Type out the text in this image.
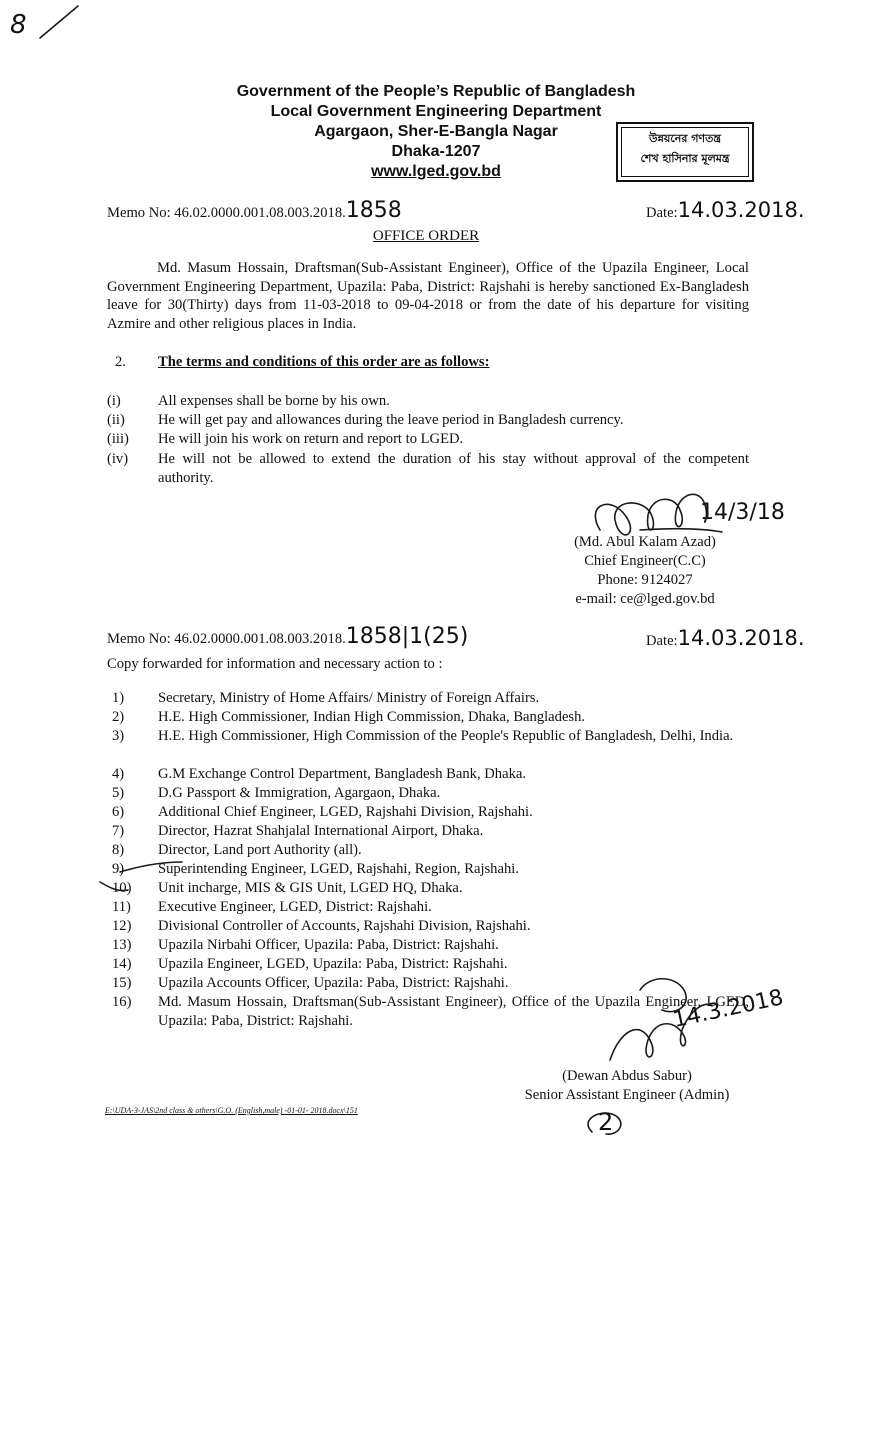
Government of the People’s Republic of Bangladesh
Local Government Engineering Department
Agargaon, Sher-E-Bangla Nagar
Dhaka-1207
www.lged.gov.bd
উন্নয়নের গণতন্ত্র
শেখ হাসিনার মূলমন্ত্র
8
Memo No: 46.02.0000.001.08.003.2018.1858	Date:14.03.2018.
OFFICE ORDER
Md. Masum Hossain, Draftsman(Sub-Assistant Engineer), Office of the Upazila Engineer, Local Government Engineering Department, Upazila: Paba, District: Rajshahi is hereby sanctioned Ex-Bangladesh leave for 30(Thirty) days from 11-03-2018 to 09-04-2018 or from the date of his departure for visiting Azmire and other religious places in India.
2. The terms and conditions of this order are as follows:
(i)	All expenses shall be borne by his own.
(ii)	He will get pay and allowances during the leave period in Bangladesh currency.
(iii)	He will join his work on return and report to LGED.
(iv)	He will not be allowed to extend the duration of his stay without approval of the competent authority.
(Md. Abul Kalam Azad)
Chief Engineer(C.C)
Phone: 9124027
e-mail: ce@lged.gov.bd
14/3/18
Memo No: 46.02.0000.001.08.003.2018.1858|1(25)	Date:14.03.2018.
Copy forwarded for information and necessary action to :
1)	Secretary, Ministry of Home Affairs/ Ministry of Foreign Affairs.
2)	H.E. High Commissioner, Indian High Commission, Dhaka, Bangladesh.
3)	H.E. High Commissioner, High Commission of the People's Republic of Bangladesh, Delhi, India.
4)	G.M Exchange Control Department, Bangladesh Bank, Dhaka.
5)	D.G Passport & Immigration, Agargaon, Dhaka.
6)	Additional Chief Engineer, LGED, Rajshahi Division, Rajshahi.
7)	Director, Hazrat Shahjalal International Airport, Dhaka.
8)	Director, Land port Authority (all).
9)	Superintending Engineer, LGED, Rajshahi, Region, Rajshahi.
10)	Unit incharge, MIS & GIS Unit, LGED HQ, Dhaka.
11)	Executive Engineer, LGED, District: Rajshahi.
12)	Divisional Controller of Accounts, Rajshahi Division, Rajshahi.
13)	Upazila Nirbahi Officer, Upazila: Paba, District: Rajshahi.
14)	Upazila Engineer, LGED, Upazila: Paba, District: Rajshahi.
15)	Upazila Accounts Officer, Upazila: Paba, District: Rajshahi.
16)	Md. Masum Hossain, Draftsman(Sub-Assistant Engineer), Office of the Upazila Engineer, LGED, Upazila: Paba, District: Rajshahi.	14.3.2018
(Dewan Abdus Sabur)
Senior Assistant Engineer (Admin)
2
E:\UDA-3-JAS\2nd class & others\G.O. (English,male) -01-01- 2018.docx\151
